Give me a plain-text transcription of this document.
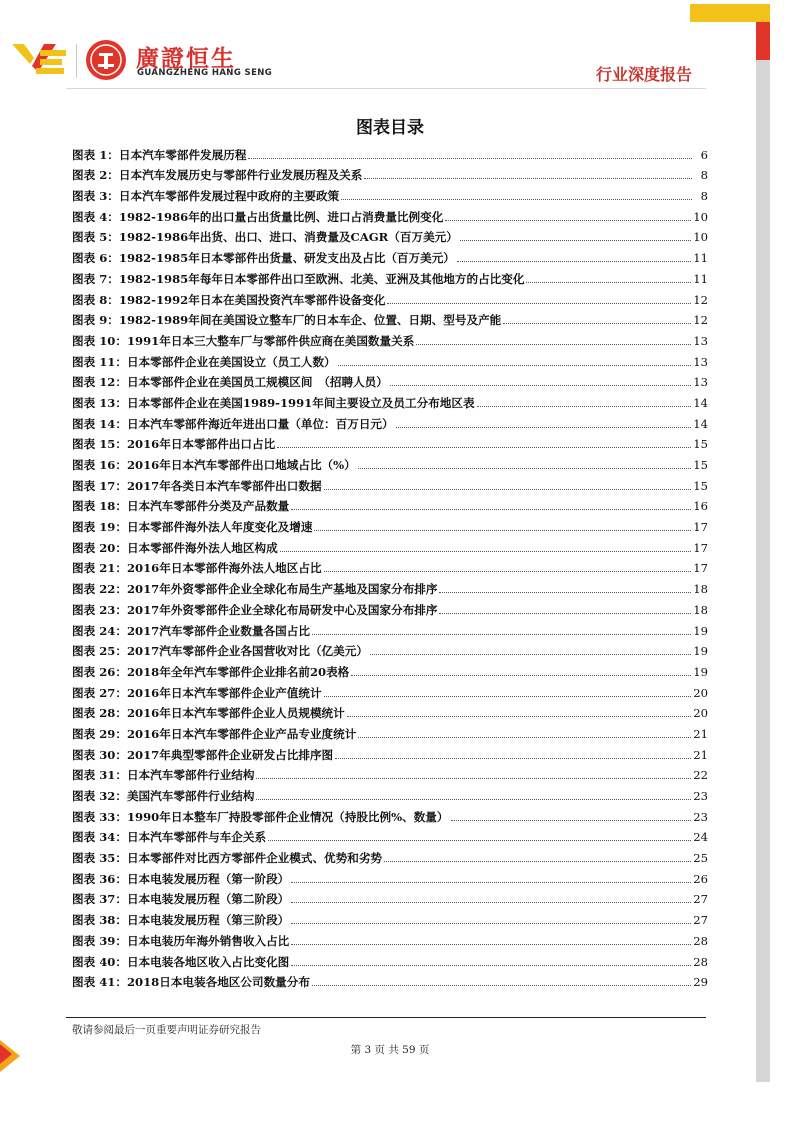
廣證恒生
GUANGZHENG HANG SENG	行业深度报告
图表目录
图表 1：日本汽车零部件发展历程	6
图表 2：日本汽车发展历史与零部件行业发展历程及关系	8
图表 3：日本汽车零部件发展过程中政府的主要政策	8
图表 4：1982-1986年的出口量占出货量比例、进口占消费量比例变化	10
图表 5：1982-1986年出货、出口、进口、消费量及CAGR（百万美元）	10
图表 6：1982-1985年日本零部件出货量、研发支出及占比（百万美元）	11
图表 7：1982-1985年每年日本零部件出口至欧洲、北美、亚洲及其他地方的占比变化	11
图表 8：1982-1992年日本在美国投资汽车零部件设备变化	12
图表 9：1982-1989年间在美国设立整车厂的日本车企、位置、日期、型号及产能	12
图表 10：1991年日本三大整车厂与零部件供应商在美国数量关系	13
图表 11：日本零部件企业在美国设立（员工人数）	13
图表 12：日本零部件企业在美国员工规模区间　（招聘人员）	13
图表 13：日本零部件企业在美国1989-1991年间主要设立及员工分布地区表	14
图表 14：日本汽车零部件海近年进出口量（单位：百万日元）	14
图表 15：2016年日本零部件出口占比	15
图表 16：2016年日本汽车零部件出口地域占比（%）	15
图表 17：2017年各类日本汽车零部件出口数据	15
图表 18：日本汽车零部件分类及产品数量	16
图表 19：日本零部件海外法人年度变化及增速	17
图表 20：日本零部件海外法人地区构成	17
图表 21：2016年日本零部件海外法人地区占比	17
图表 22：2017年外资零部件企业全球化布局生产基地及国家分布排序	18
图表 23：2017年外资零部件企业全球化布局研发中心及国家分布排序	18
图表 24：2017汽车零部件企业数量各国占比	19
图表 25：2017汽车零部件企业各国营收对比（亿美元）	19
图表 26：2018年全年汽车零部件企业排名前20表格	19
图表 27：2016年日本汽车零部件企业产值统计	20
图表 28：2016年日本汽车零部件企业人员规模统计	20
图表 29：2016年日本汽车零部件企业产品专业度统计	21
图表 30：2017年典型零部件企业研发占比排序图	21
图表 31：日本汽车零部件行业结构	22
图表 32：美国汽车零部件行业结构	23
图表 33：1990年日本整车厂持股零部件企业情况（持股比例%、数量）	23
图表 34：日本汽车零部件与车企关系	24
图表 35：日本零部件对比西方零部件企业模式、优势和劣势	25
图表 36：日本电装发展历程（第一阶段）	26
图表 37：日本电装发展历程（第二阶段）	27
图表 38：日本电装发展历程（第三阶段）	27
图表 39：日本电装历年海外销售收入占比	28
图表 40：日本电装各地区收入占比变化图	28
图表 41：2018日本电装各地区公司数量分布	29
敬请参阅最后一页重要声明证券研究报告
第 3 页 共 59 页
